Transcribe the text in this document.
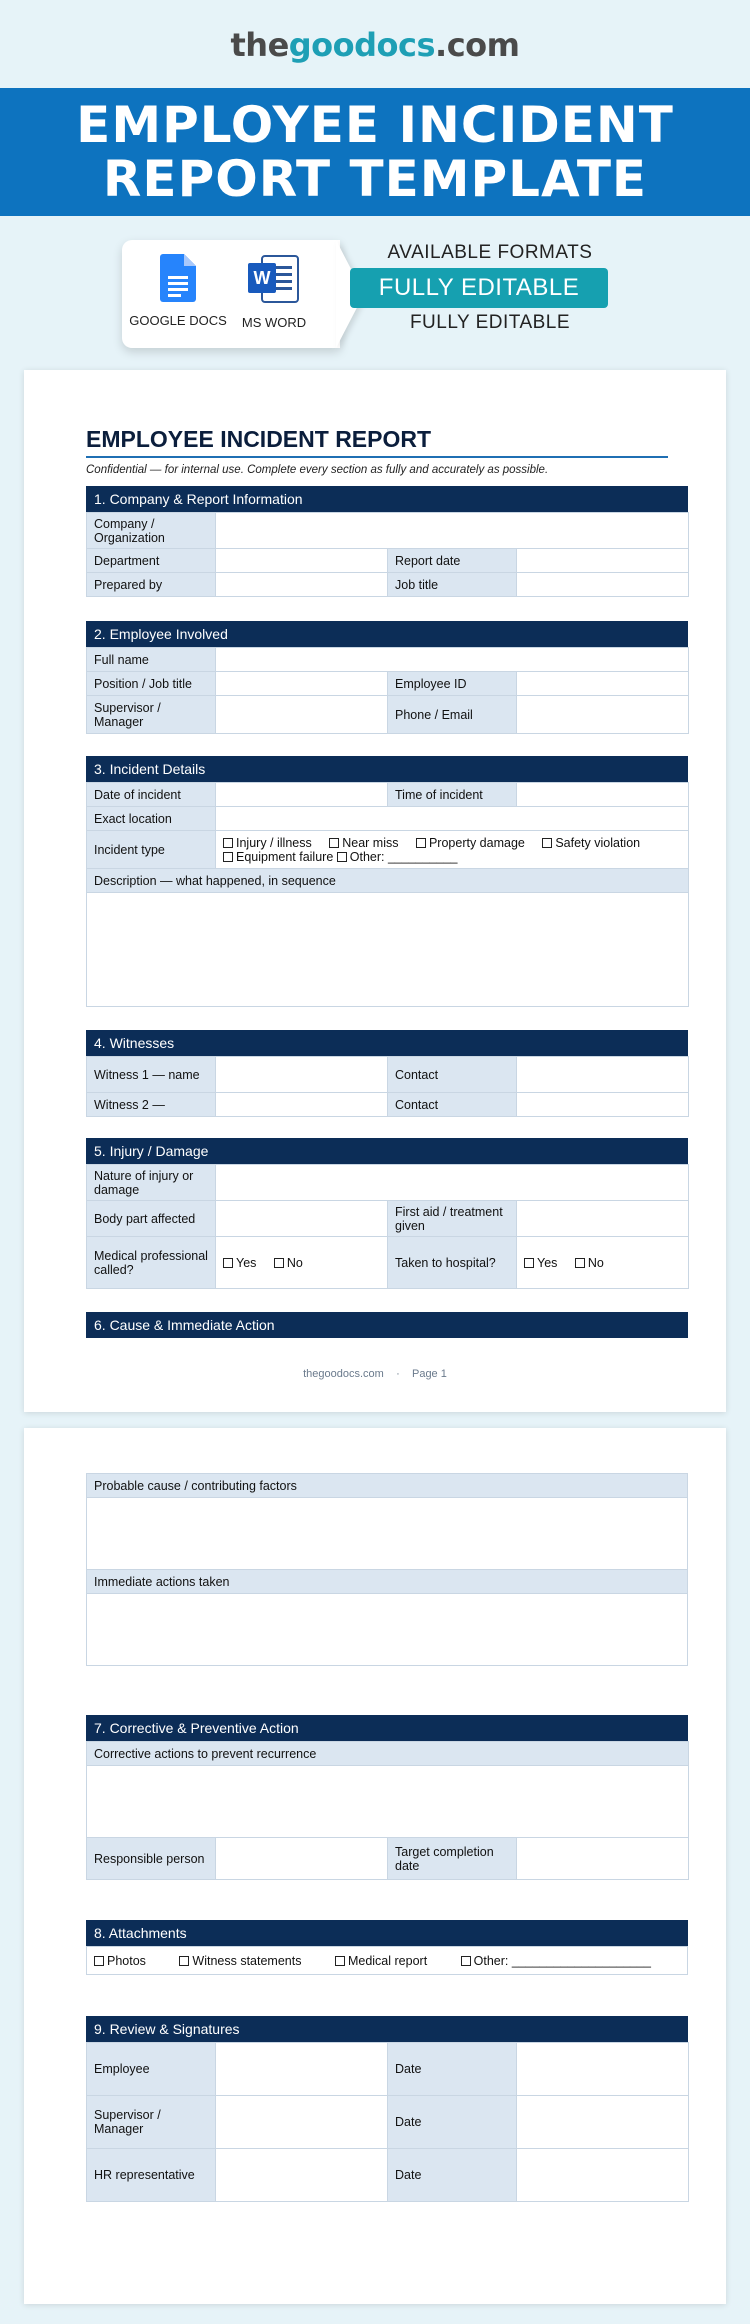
thegoodocs.com
EMPLOYEE INCIDENT
REPORT TEMPLATE
GOOGLE DOCS
W
MS WORD
AVAILABLE FORMATS
FULLY EDITABLE
FULLY EDITABLE
EMPLOYEE INCIDENT REPORT
Confidential — for internal use. Complete every section as fully and accurately as possible.
1. Company & Report Information
Company / Organization			
Department		Report date	
Prepared by		Job title	
2. Employee Involved
Full name			
Position / Job title		Employee ID	
Supervisor / Manager		Phone / Email	
3. Incident Details
Date of incident		Time of incident	
Exact location			
Incident type	Injury / illness Near miss Property damage Safety violation Equipment failure Other: __________		
Description — what happened, in sequence			

4. Witnesses
Witness 1 — name		Contact	
Witness 2 —		Contact	
5. Injury / Damage
Nature of injury or damage			
Body part affected		First aid / treatment given	
Medical professional called?	Yes No	Taken to hospital?	Yes No
6. Cause & Immediate Action
thegoodocs.com · Page 1
Probable cause / contributing factors

Immediate actions taken

7. Corrective & Preventive Action
Corrective actions to prevent recurrence

Responsible person		Target completion date	
8. Attachments
Photos	Witness statements	Medical report	Other: ____________________
9. Review & Signatures
Employee		Date	
Supervisor / Manager		Date	
HR representative		Date	
